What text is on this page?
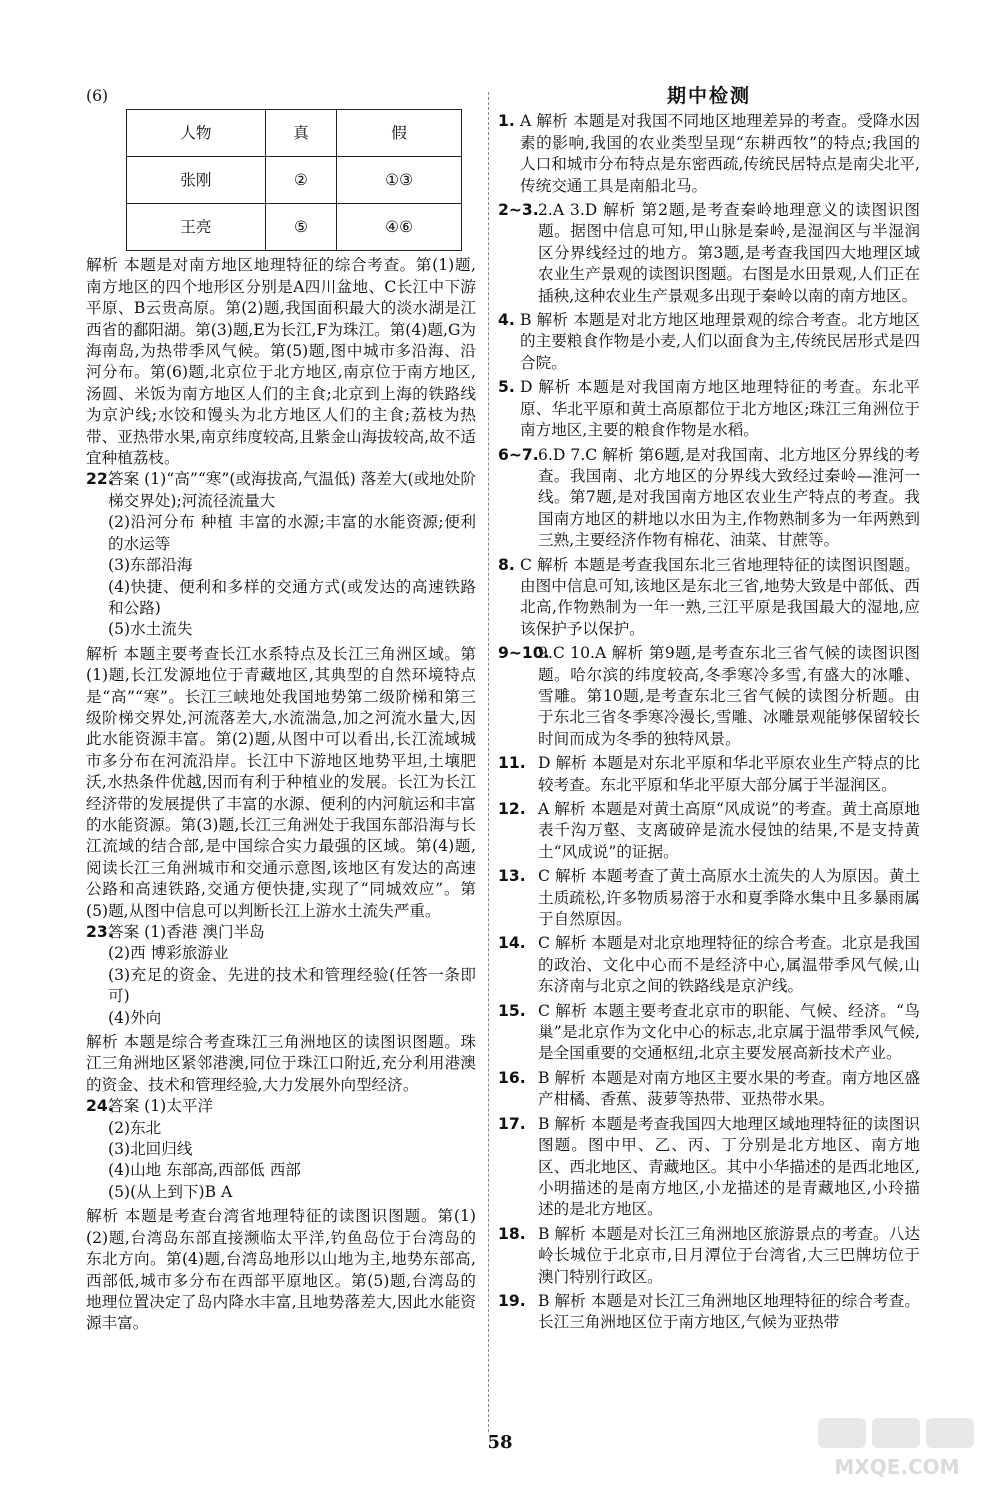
(6)
人物	真	假
张刚	②	①③
王亮	⑤	④⑥

解析 本题是对南方地区地理特征的综合考查。第(1)题,南方地区的四个地形区分别是A四川盆地、C长江中下游平原、B云贵高原。第(2)题,我国面积最大的淡水湖是江西省的鄱阳湖。第(3)题,E为长江,F为珠江。第(4)题,G为海南岛,为热带季风气候。第(5)题,图中城市多沿海、沿河分布。第(6)题,北京位于北方地区,南京位于南方地区,汤圆、米饭为南方地区人们的主食;北京到上海的铁路线为京沪线;水饺和馒头为北方地区人们的主食;荔枝为热带、亚热带水果,南京纬度较高,且紫金山海拔较高,故不适宜种植荔枝。

22.
答案 (1)“高”“寒”(或海拔高,气温低) 落差大(或地处阶梯交界处);河流径流量大
(2)沿河分布 种植 丰富的水源;丰富的水能资源;便利的水运等
(3)东部沿海
(4)快捷、便利和多样的交通方式(或发达的高速铁路和公路)
(5)水土流失

解析 本题主要考查长江水系特点及长江三角洲区域。第(1)题,长江发源地位于青藏地区,其典型的自然环境特点是“高”“寒”。长江三峡地处我国地势第二级阶梯和第三级阶梯交界处,河流落差大,水流湍急,加之河流水量大,因此水能资源丰富。第(2)题,从图中可以看出,长江流域城市多分布在河流沿岸。长江中下游地区地势平坦,土壤肥沃,水热条件优越,因而有利于种植业的发展。长江为长江经济带的发展提供了丰富的水源、便利的内河航运和丰富的水能资源。第(3)题,长江三角洲处于我国东部沿海与长江流域的结合部,是中国综合实力最强的区域。第(4)题,阅读长江三角洲城市和交通示意图,该地区有发达的高速公路和高速铁路,交通方便快捷,实现了“同城效应”。第(5)题,从图中信息可以判断长江上游水土流失严重。

23.
答案 (1)香港 澳门半岛
(2)西 博彩旅游业
(3)充足的资金、先进的技术和管理经验(任答一条即可)
(4)外向

解析 本题是综合考查珠江三角洲地区的读图识图题。珠江三角洲地区紧邻港澳,同位于珠江口附近,充分利用港澳的资金、技术和管理经验,大力发展外向型经济。

24.
答案 (1)太平洋
(2)东北
(3)北回归线
(4)山地 东部高,西部低 西部
(5)(从上到下)B A

解析 本题是考查台湾省地理特征的读图识图题。第(1)(2)题,台湾岛东部直接濒临太平洋,钓鱼岛位于台湾岛的东北方向。第(4)题,台湾岛地形以山地为主,地势东部高,西部低,城市多分布在西部平原地区。第(5)题,台湾岛的地理位置决定了岛内降水丰富,且地势落差大,因此水能资源丰富。

期中检测
1. A 解析 本题是对我国不同地区地理差异的考查。受降水因素的影响,我国的农业类型呈现“东耕西牧”的特点;我国的人口和城市分布特点是东密西疏,传统民居特点是南尖北平,传统交通工具是南船北马。
2~3. 2.A 3.D 解析 第2题,是考查秦岭地理意义的读图识图题。据图中信息可知,甲山脉是秦岭,是湿润区与半湿润区分界线经过的地方。第3题,是考查我国四大地理区域农业生产景观的读图识图题。右图是水田景观,人们正在插秧,这种农业生产景观多出现于秦岭以南的南方地区。
4. B 解析 本题是对北方地区地理景观的综合考查。北方地区的主要粮食作物是小麦,人们以面食为主,传统民居形式是四合院。
5. D 解析 本题是对我国南方地区地理特征的考查。东北平原、华北平原和黄土高原都位于北方地区;珠江三角洲位于南方地区,主要的粮食作物是水稻。
6~7. 6.D 7.C 解析 第6题,是对我国南、北方地区分界线的考查。我国南、北方地区的分界线大致经过秦岭—淮河一线。第7题,是对我国南方地区农业生产特点的考查。我国南方地区的耕地以水田为主,作物熟制多为一年两熟到三熟,主要经济作物有棉花、油菜、甘蔗等。
8. C 解析 本题是考查我国东北三省地理特征的读图识图题。由图中信息可知,该地区是东北三省,地势大致是中部低、西北高,作物熟制为一年一熟,三江平原是我国最大的湿地,应该保护予以保护。
9~10.
9.C 10.A 解析 第9题,是考查东北三省气候的读图识图题。哈尔滨的纬度较高,冬季寒冷多雪,有盛大的冰雕、雪雕。第10题,是考查东北三省气候的读图分析题。由于东北三省冬季寒冷漫长,雪雕、冰雕景观能够保留较长时间而成为冬季的独特风景。
11. D 解析 本题是对东北平原和华北平原农业生产特点的比较考查。东北平原和华北平原大部分属于半湿润区。
12. A 解析 本题是对黄土高原“风成说”的考查。黄土高原地表千沟万壑、支离破碎是流水侵蚀的结果,不是支持黄土“风成说”的证据。
13. C 解析 本题考查了黄土高原水土流失的人为原因。黄土土质疏松,许多物质易溶于水和夏季降水集中且多暴雨属于自然原因。
14. C 解析 本题是对北京地理特征的综合考查。北京是我国的政治、文化中心而不是经济中心,属温带季风气候,山东济南与北京之间的铁路线是京沪线。
15. C 解析 本题主要考查北京市的职能、气候、经济。“鸟巢”是北京作为文化中心的标志,北京属于温带季风气候,是全国重要的交通枢纽,北京主要发展高新技术产业。
16. B 解析 本题是对南方地区主要水果的考查。南方地区盛产柑橘、香蕉、菠萝等热带、亚热带水果。
17. B 解析 本题是考查我国四大地理区域地理特征的读图识图题。图中甲、乙、丙、丁分别是北方地区、南方地区、西北地区、青藏地区。其中小华描述的是西北地区,小明描述的是南方地区,小龙描述的是青藏地区,小玲描述的是北方地区。
18. B 解析 本题是对长江三角洲地区旅游景点的考查。八达岭长城位于北京市,日月潭位于台湾省,大三巴牌坊位于澳门特别行政区。
19. B 解析 本题是对长江三角洲地区地理特征的综合考查。长江三角洲地区位于南方地区,气候为亚热带
58
MXQE.COM
